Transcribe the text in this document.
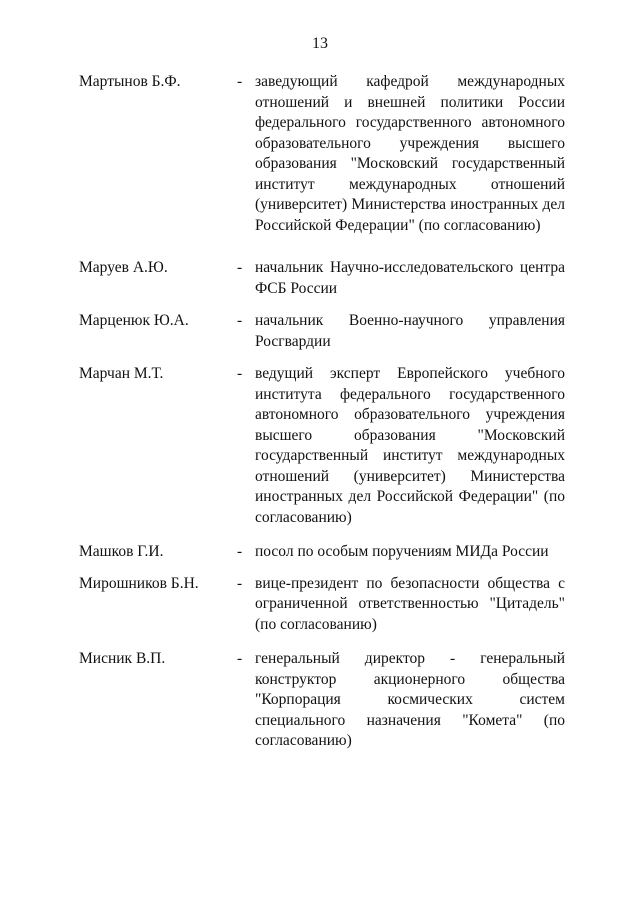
13
Мартынов Б.Ф.	- заведующий кафедрой международных отношений и внешней политики России федерального государственного автономного образовательного учреждения высшего образования "Московский государственный институт международных отношений (университет) Министерства иностранных дел Российской Федерации" (по согласованию)
Маруев А.Ю.	- начальник Научно-исследовательского центра ФСБ России
Марценюк Ю.А.	- начальник Военно-научного управления Росгвардии
Марчан М.Т.	- ведущий эксперт Европейского учебного института федерального государственного автономного образовательного учреждения высшего образования "Московский государственный институт международных отношений (университет) Министерства иностранных дел Российской Федерации" (по согласованию)
Машков Г.И.	- посол по особым поручениям МИДа России
Мирошников Б.Н.	- вице-президент по безопасности общества с ограниченной ответственностью "Цитадель" (по согласованию)
Мисник В.П.	- генеральный директор - генеральный конструктор акционерного общества "Корпорация космических систем специального назначения "Комета" (по согласованию)
